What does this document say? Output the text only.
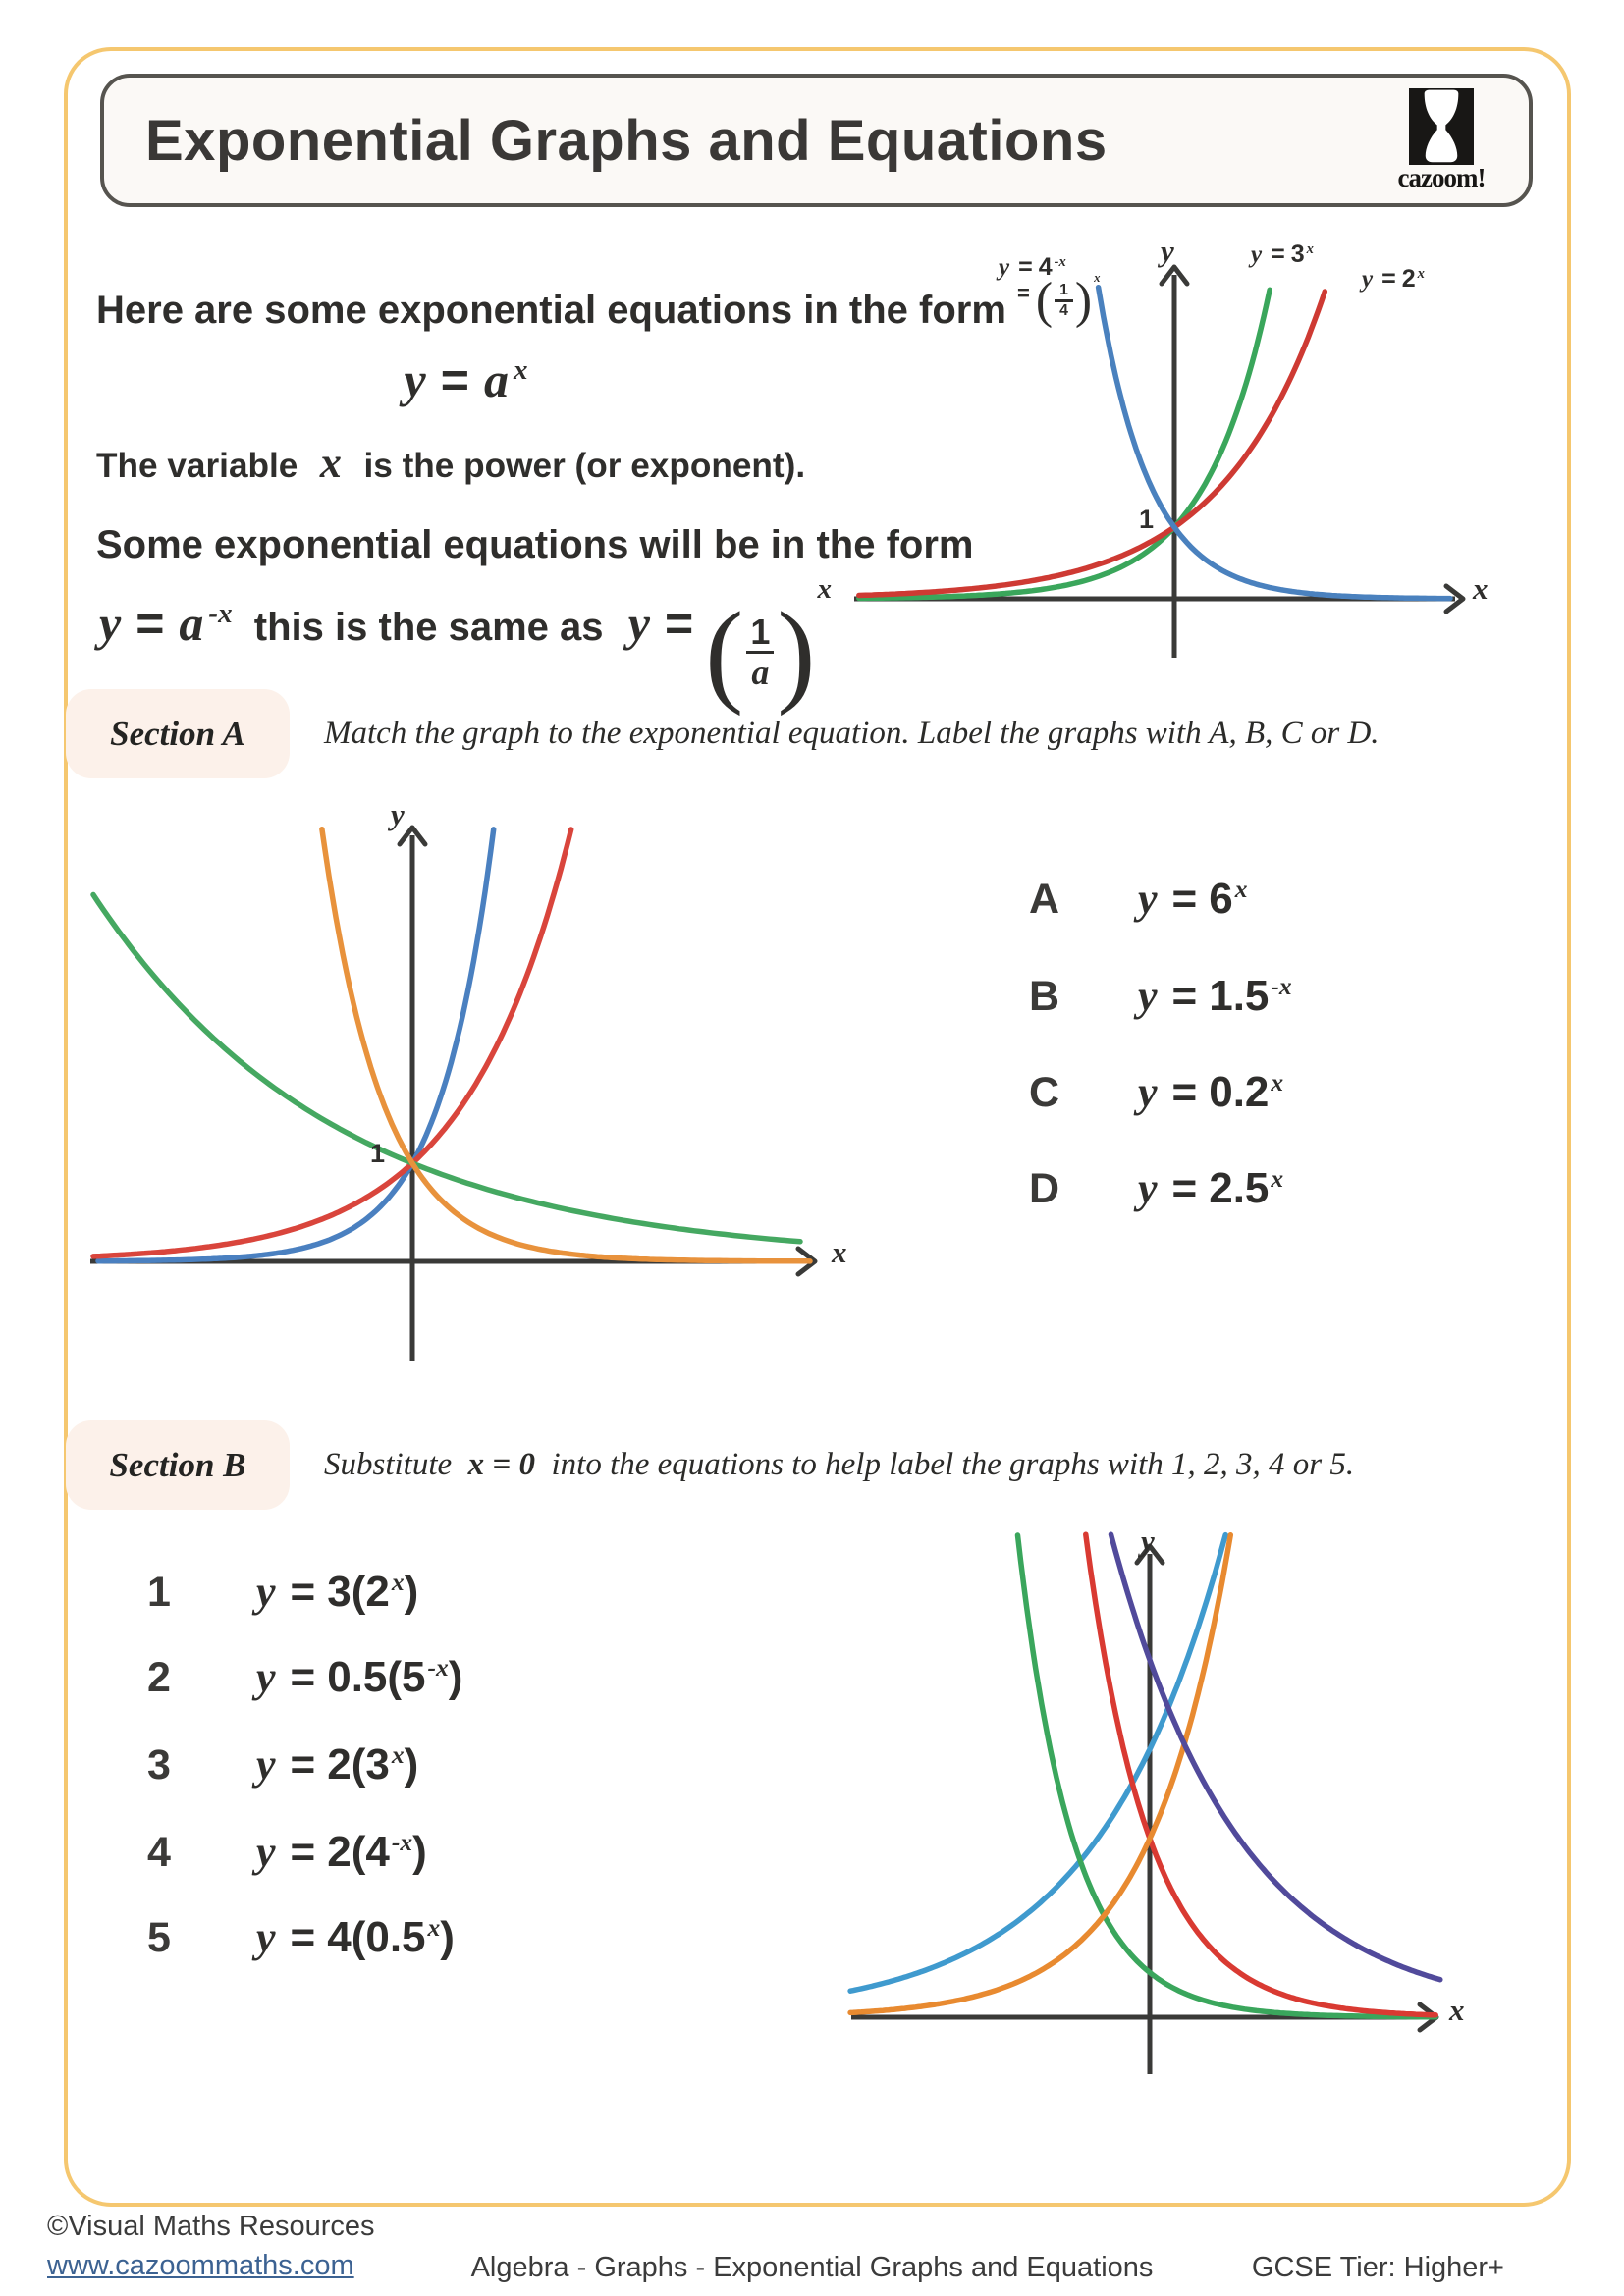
Exponential Graphs and Equations
cazoom!
Here are some exponential equations in the form
y = a x
The variable x is the power (or exponent).
Some exponential equations will be in the form
y = a -x this is the same as y = ( $\frac{1}{a}$ )
x
y = 4 -x
= ( $\frac{1}{4}$ ) x
y	y = 3 x
y = 2 x
1
x
Section A Match the graph to the exponential equation. Label the graphs with A, B, C or D.
y
1
x
A	y = 6 x
B	y = 1.5 -x
C	y = 0.2 x
D	y = 2.5 x
Section B Substitute x = 0 into the equations to help label the graphs with 1, 2, 3, 4 or 5.
1	y = 3(2 x )
2	y = 0.5(5 -x )
3	y = 2(3 x )
4	y = 2(4 -x )
5	y = 4(0.5 x )
y
x
©Visual Maths Resources
www.cazoommaths.com	Algebra - Graphs - Exponential Graphs and Equations	GCSE Tier: Higher+
